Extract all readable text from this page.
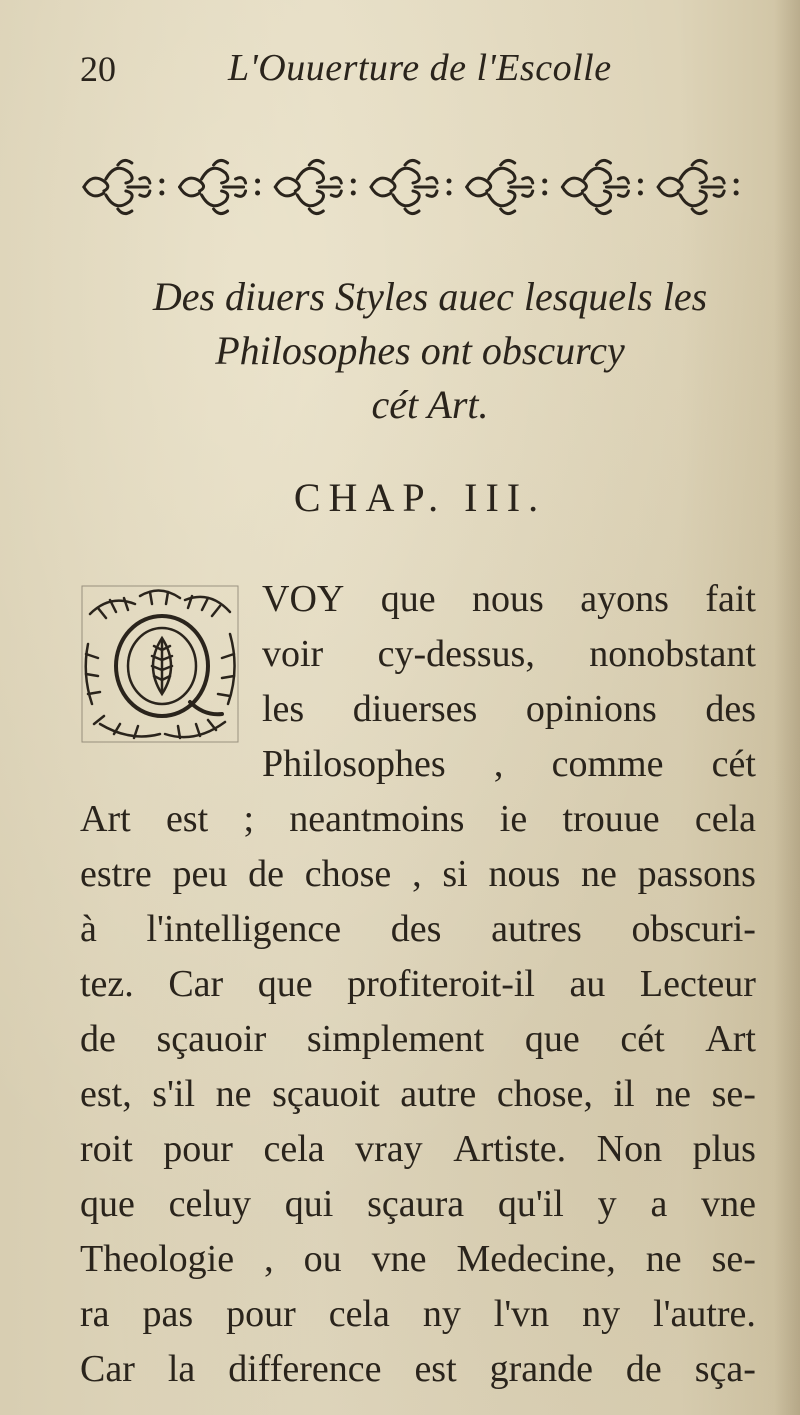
20	L'Ouuerture de l'Escolle
Des diuers Styles auec lesquels les
Philosophes ont obscurcy
cét Art.
CHAP. III.
VOY que nous ayons fait
voir cy-dessus, nonobstant
les diuerses opinions des
Philosophes , comme cét
Art est ; neantmoins ie trouue cela
estre peu de chose , si nous ne passons
à l'intelligence des autres obscuri-
tez. Car que profiteroit-il au Lecteur
de sçauoir simplement que cét Art
est, s'il ne sçauoit autre chose, il ne se-
roit pour cela vray Artiste. Non plus
que celuy qui sçaura qu'il y a vne
Theologie , ou vne Medecine, ne se-
ra pas pour cela ny l'vn ny l'autre.
Car la difference est grande de sça-
